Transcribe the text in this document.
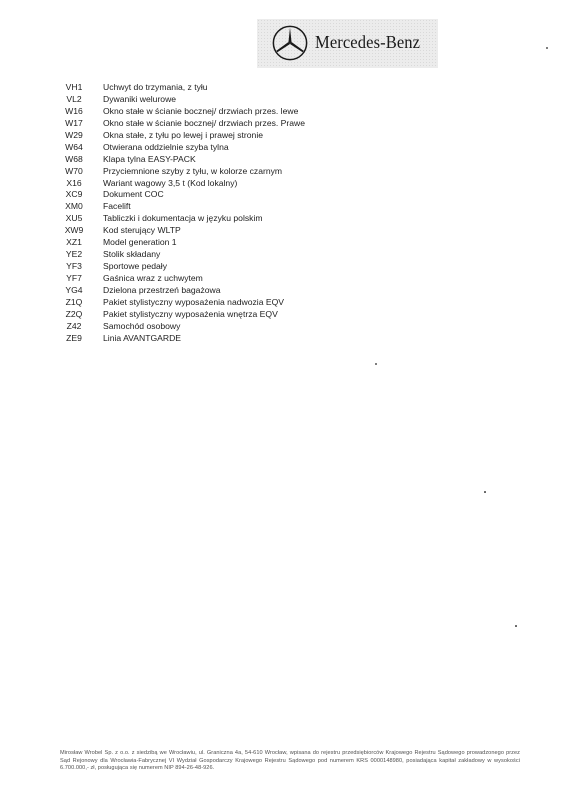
Mercedes-Benz
VH1	Uchwyt do trzymania, z tyłu
VL2	Dywaniki welurowe
W16	Okno stałe w ścianie bocznej/ drzwiach przes. lewe
W17	Okno stałe w ścianie bocznej/ drzwiach przes. Prawe
W29	Okna stałe, z tyłu po lewej i prawej stronie
W64	Otwierana oddzielnie szyba tylna
W68	Klapa tylna EASY-PACK
W70	Przyciemnione szyby z tyłu, w kolorze czarnym
X16	Wariant wagowy 3,5 t (Kod lokalny)
XC9	Dokument COC
XM0	Facelift
XU5	Tabliczki i dokumentacja w języku polskim
XW9	Kod sterujący WLTP
XZ1	Model generation 1
YE2	Stolik składany
YF3	Sportowe pedały
YF7	Gaśnica wraz z uchwytem
YG4	Dzielona przestrzeń bagażowa
Z1Q	Pakiet stylistyczny wyposażenia nadwozia EQV
Z2Q	Pakiet stylistyczny wyposażenia wnętrza EQV
Z42	Samochód osobowy
ZE9	Linia AVANTGARDE
Mirosław Wrobel Sp. z o.o. z siedzibą we Wrocławiu, ul. Graniczna 4a, 54-610 Wrocław, wpisana do rejestru przedsiębiorców Krajowego Rejestru Sądowego prowadzonego przez Sąd Rejonowy dla Wrocławia-Fabrycznej VI Wydział Gospodarczy Krajowego Rejestru Sądowego pod numerem KRS 0000148980, posiadająca kapitał zakładowy w wysokości 6.700.000,- zł, posługująca się numerem NIP 894-26-48-926.
